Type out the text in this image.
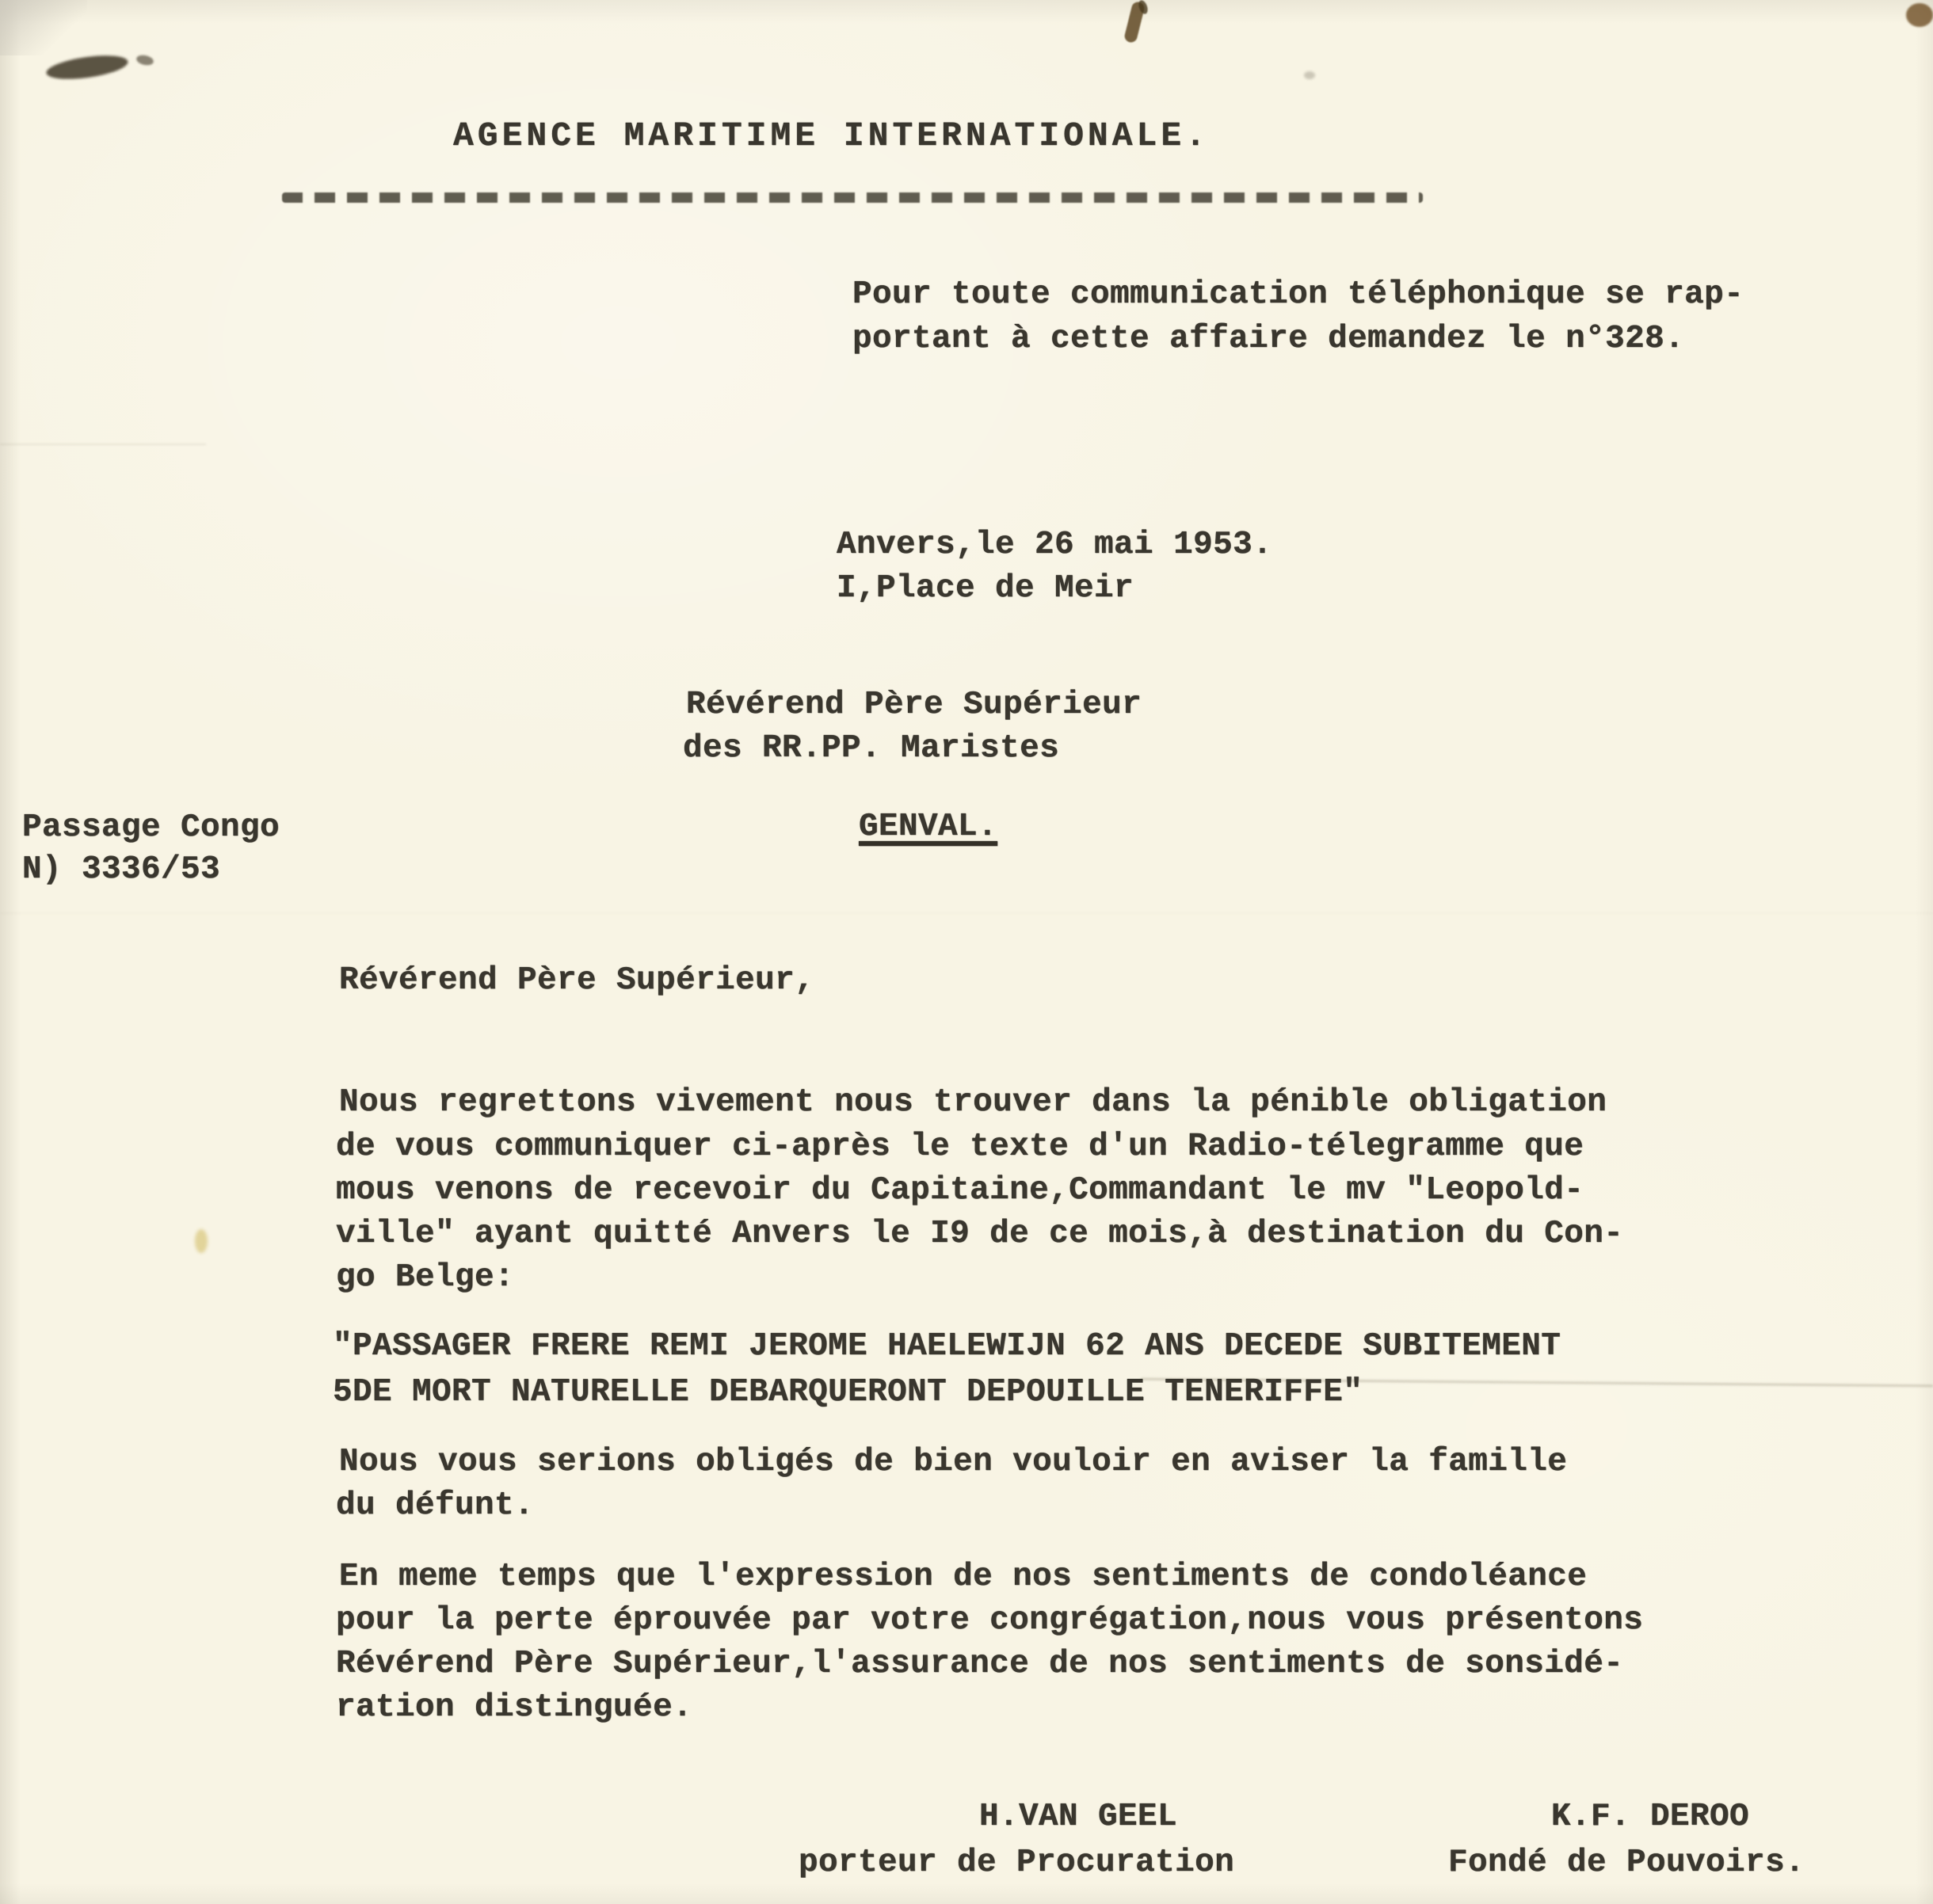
AGENCE MARITIME INTERNATIONALE.
Pour toute communication téléphonique se rap-
portant à cette affaire demandez le n°328.
Anvers,le 26 mai 1953.
I,Place de Meir
Révérend Père Supérieur
des RR.PP. Maristes
GENVAL.
Passage Congo
N) 3336/53
Révérend Père Supérieur,
Nous regrettons vivement nous trouver dans la pénible obligation
de vous communiquer ci-après le texte d'un Radio-télegramme que
mous venons de recevoir du Capitaine,Commandant le mv "Leopold-
ville" ayant quitté Anvers le I9 de ce mois,à destination du Con-
go Belge:
"PASSAGER FRERE REMI JEROME HAELEWIJN 62 ANS DECEDE SUBITEMENT
5DE MORT NATURELLE DEBARQUERONT DEPOUILLE TENERIFFE"
Nous vous serions obligés de bien vouloir en aviser la famille
du défunt.
En meme temps que l'expression de nos sentiments de condoléance
pour la perte éprouvée par votre congrégation,nous vous présentons
Révérend Père Supérieur,l'assurance de nos sentiments de sonsidé-
ration distinguée.
H.VAN GEEL
porteur de Procuration
K.F. DEROO
Fondé de Pouvoirs.
